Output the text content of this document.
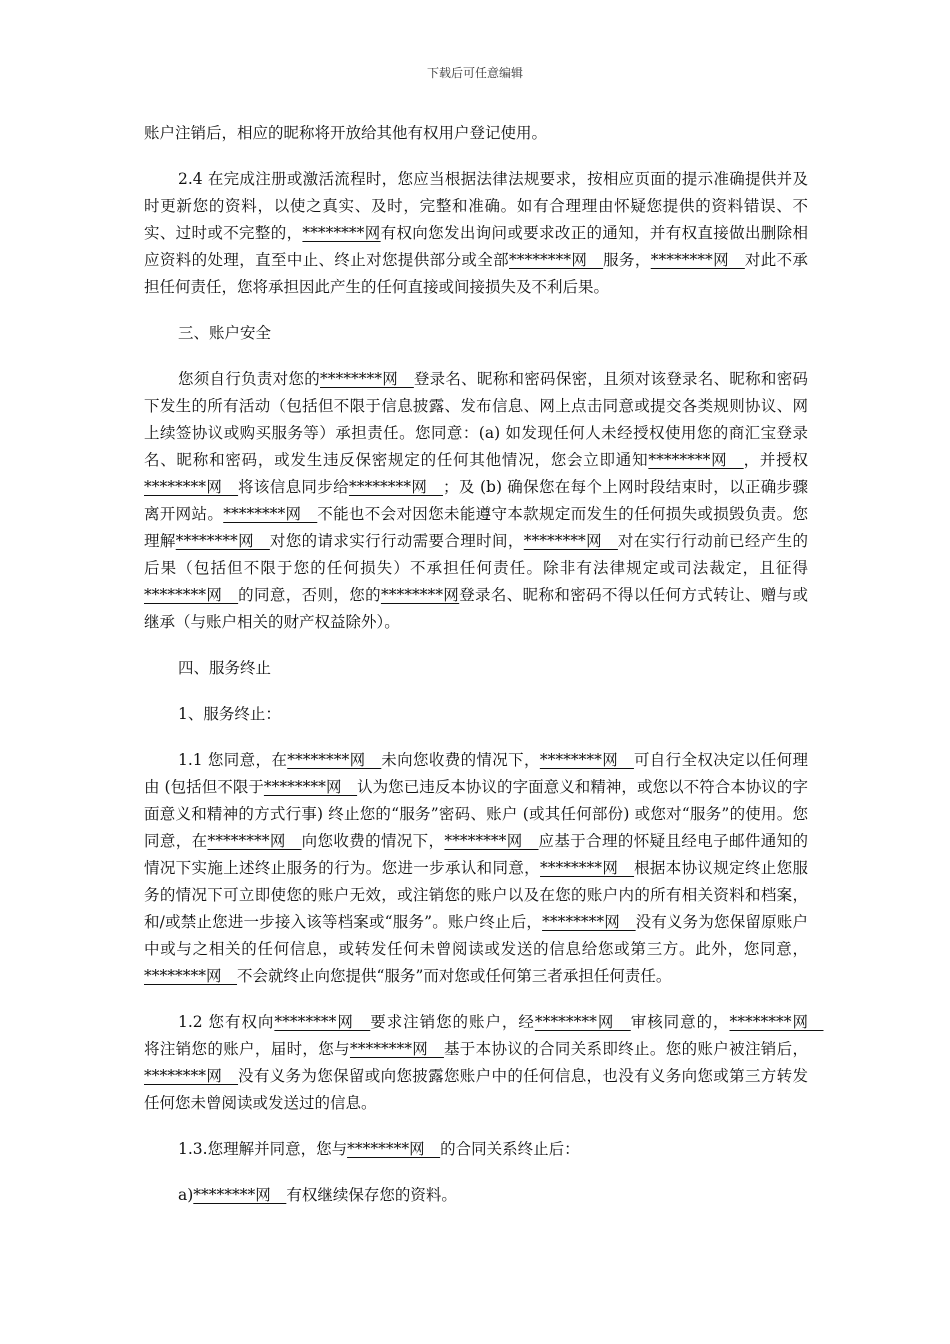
下载后可任意编辑

账户注销后，相应的昵称将开放给其他有权用户登记使用。

2.4 在完成注册或激活流程时，您应当根据法律法规要求，按相应页面的提示准确提供并及时更新您的资料，以使之真实、及时，完整和准确。如有合理理由怀疑您提供的资料错误、不实、过时或不完整的，********网有权向您发出询问或要求改正的通知，并有权直接做出删除相应资料的处理，直至中止、终止对您提供部分或全部********网　服务，********网　对此不承担任何责任，您将承担因此产生的任何直接或间接损失及不利后果。

三、账户安全

您须自行负责对您的********网　登录名、昵称和密码保密，且须对该登录名、昵称和密码下发生的所有活动（包括但不限于信息披露、发布信息、网上点击同意或提交各类规则协议、网上续签协议或购买服务等）承担责任。您同意：(a) 如发现任何人未经授权使用您的商汇宝登录名、昵称和密码，或发生违反保密规定的任何其他情况，您会立即通知********网　，并授权********网　将该信息同步给********网　；及 (b) 确保您在每个上网时段结束时，以正确步骤离开网站。********网　不能也不会对因您未能遵守本款规定而发生的任何损失或损毁负责。您理解********网　对您的请求实行行动需要合理时间，********网　对在实行行动前已经产生的后果（包括但不限于您的任何损失）不承担任何责任。除非有法律规定或司法裁定，且征得********网　的同意，否则，您的********网登录名、昵称和密码不得以任何方式转让、赠与或继承（与账户相关的财产权益除外）。

四、服务终止

1、服务终止：

1.1 您同意，在********网　未向您收费的情况下，********网　可自行全权决定以任何理由 (包括但不限于********网　认为您已违反本协议的字面意义和精神，或您以不符合本协议的字面意义和精神的方式行事) 终止您的“服务”密码、账户 (或其任何部份) 或您对“服务”的使用。您同意，在********网　向您收费的情况下，********网　应基于合理的怀疑且经电子邮件通知的情况下实施上述终止服务的行为。您进一步承认和同意，********网　根据本协议规定终止您服务的情况下可立即使您的账户无效，或注销您的账户以及在您的账户内的所有相关资料和档案，和/或禁止您进一步接入该等档案或“服务”。账户终止后，********网　没有义务为您保留原账户中或与之相关的任何信息，或转发任何未曾阅读或发送的信息给您或第三方。此外，您同意，********网　不会就终止向您提供“服务”而对您或任何第三者承担任何责任。

1.2 您有权向********网　要求注销您的账户，经********网　审核同意的，********网　将注销您的账户，届时，您与********网　基于本协议的合同关系即终止。您的账户被注销后，********网　没有义务为您保留或向您披露您账户中的任何信息，也没有义务向您或第三方转发任何您未曾阅读或发送过的信息。

1.3.您理解并同意，您与********网　的合同关系终止后：

a)********网　有权继续保存您的资料。
